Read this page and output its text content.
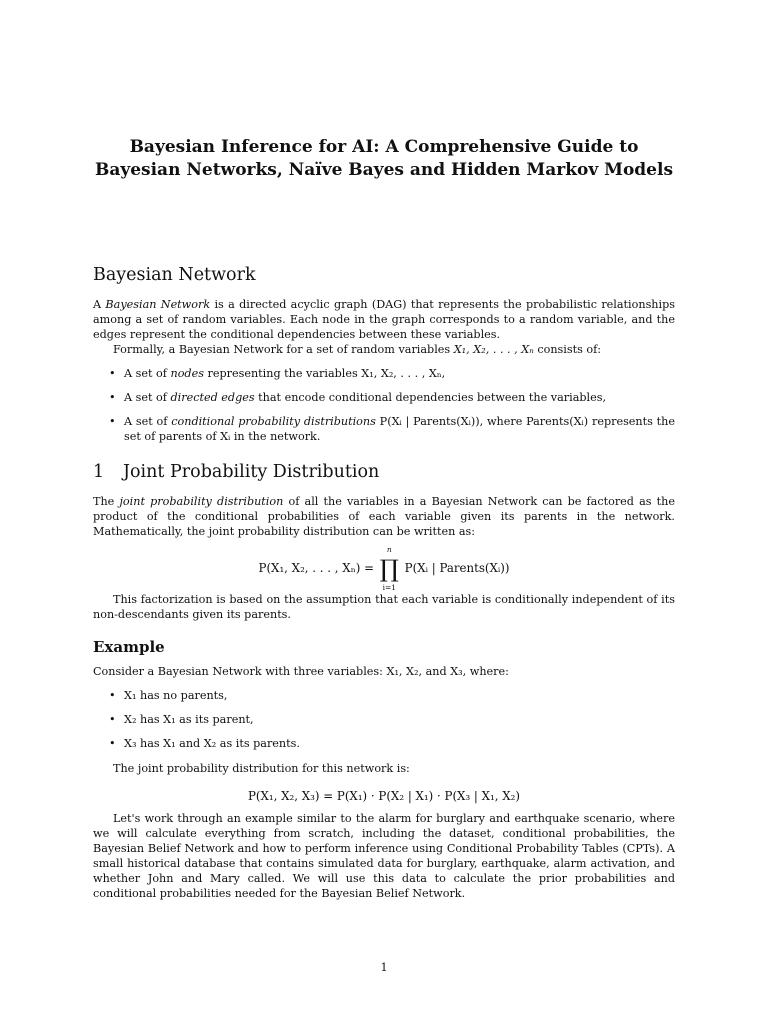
Bayesian Inference for AI: A Comprehensive Guide to Bayesian Networks, Naïve Bayes and Hidden Markov Models
Bayesian Network

A Bayesian Network is a directed acyclic graph (DAG) that represents the probabilistic relationships among a set of random variables. Each node in the graph corresponds to a random variable, and the edges represent the conditional dependencies between these variables.

Formally, a Bayesian Network for a set of random variables X₁, X₂, . . . , Xₙ consists of:

• A set of nodes representing the variables X₁, X₂, . . . , Xₙ,
• A set of directed edges that encode conditional dependencies between the variables,
• A set of conditional probability distributions P(Xᵢ | Parents(Xᵢ)), where Parents(Xᵢ) represents the set of parents of Xᵢ in the network.
1 Joint Probability Distribution

The joint probability distribution of all the variables in a Bayesian Network can be factored as the product of the conditional probabilities of each variable given its parents in the network. Mathematically, the joint probability distribution can be written as:

P(X₁, X₂, . . . , Xₙ) =
n
∏
i=1
P(Xᵢ | Parents(Xᵢ))

This factorization is based on the assumption that each variable is conditionally independent of its non-descendants given its parents.

Example

Consider a Bayesian Network with three variables: X₁, X₂, and X₃, where:

• X₁ has no parents,
• X₂ has X₁ as its parent,
• X₃ has X₁ and X₂ as its parents.

The joint probability distribution for this network is:

P(X₁, X₂, X₃) = P(X₁) · P(X₂ | X₁) · P(X₃ | X₁, X₂)

Let's work through an example similar to the alarm for burglary and earthquake scenario, where we will calculate everything from scratch, including the dataset, conditional probabilities, the Bayesian Belief Network and how to perform inference using Conditional Probability Tables (CPTs). A small historical database that contains simulated data for burglary, earthquake, alarm activation, and whether John and Mary called. We will use this data to calculate the prior probabilities and conditional probabilities needed for the Bayesian Belief Network.

1
